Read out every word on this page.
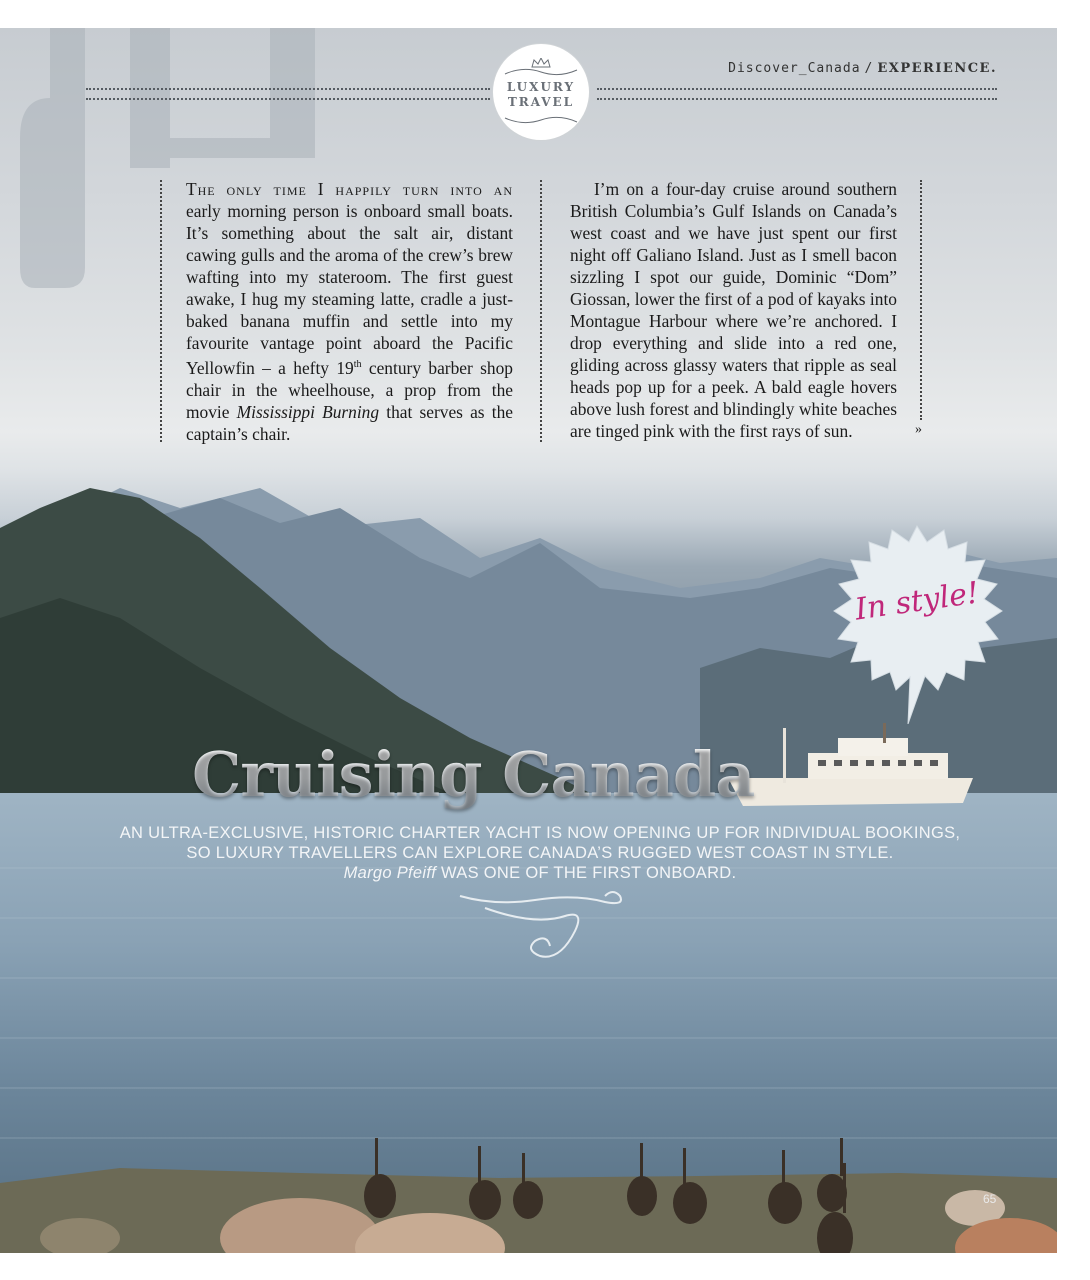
Discover_Canada / EXPERIENCE.
LUXURY
TRAVEL

The only time I happily turn into an early morning person is onboard small boats. It’s something about the salt air, distant cawing gulls and the aroma of the crew’s brew wafting into my stateroom. The first guest awake, I hug my steaming latte, cradle a just-baked banana muffin and settle into my favourite vantage point aboard the Pacific Yellowfin – a hefty 19th century barber shop chair in the wheelhouse, a prop from the movie Mississippi Burning that serves as the captain’s chair.

I’m on a four-day cruise around southern British Columbia’s Gulf Islands on Canada’s west coast and we have just spent our first night off Galiano Island. Just as I smell bacon sizzling I spot our guide, Dominic “Dom” Giossan, lower the first of a pod of kayaks into Montague Harbour where we’re anchored. I drop everything and slide into a red one, gliding across glassy waters that ripple as seal heads pop up for a peek. A bald eagle hovers above lush forest and blindingly white beaches are tinged pink with the first rays of sun.	»
In style!
Cruising Canada
AN ULTRA-EXCLUSIVE, HISTORIC CHARTER YACHT IS NOW OPENING UP FOR INDIVIDUAL BOOKINGS,
SO LUXURY TRAVELLERS CAN EXPLORE CANADA’S RUGGED WEST COAST IN STYLE.
Margo Pfeiff WAS ONE OF THE FIRST ONBOARD.
65
